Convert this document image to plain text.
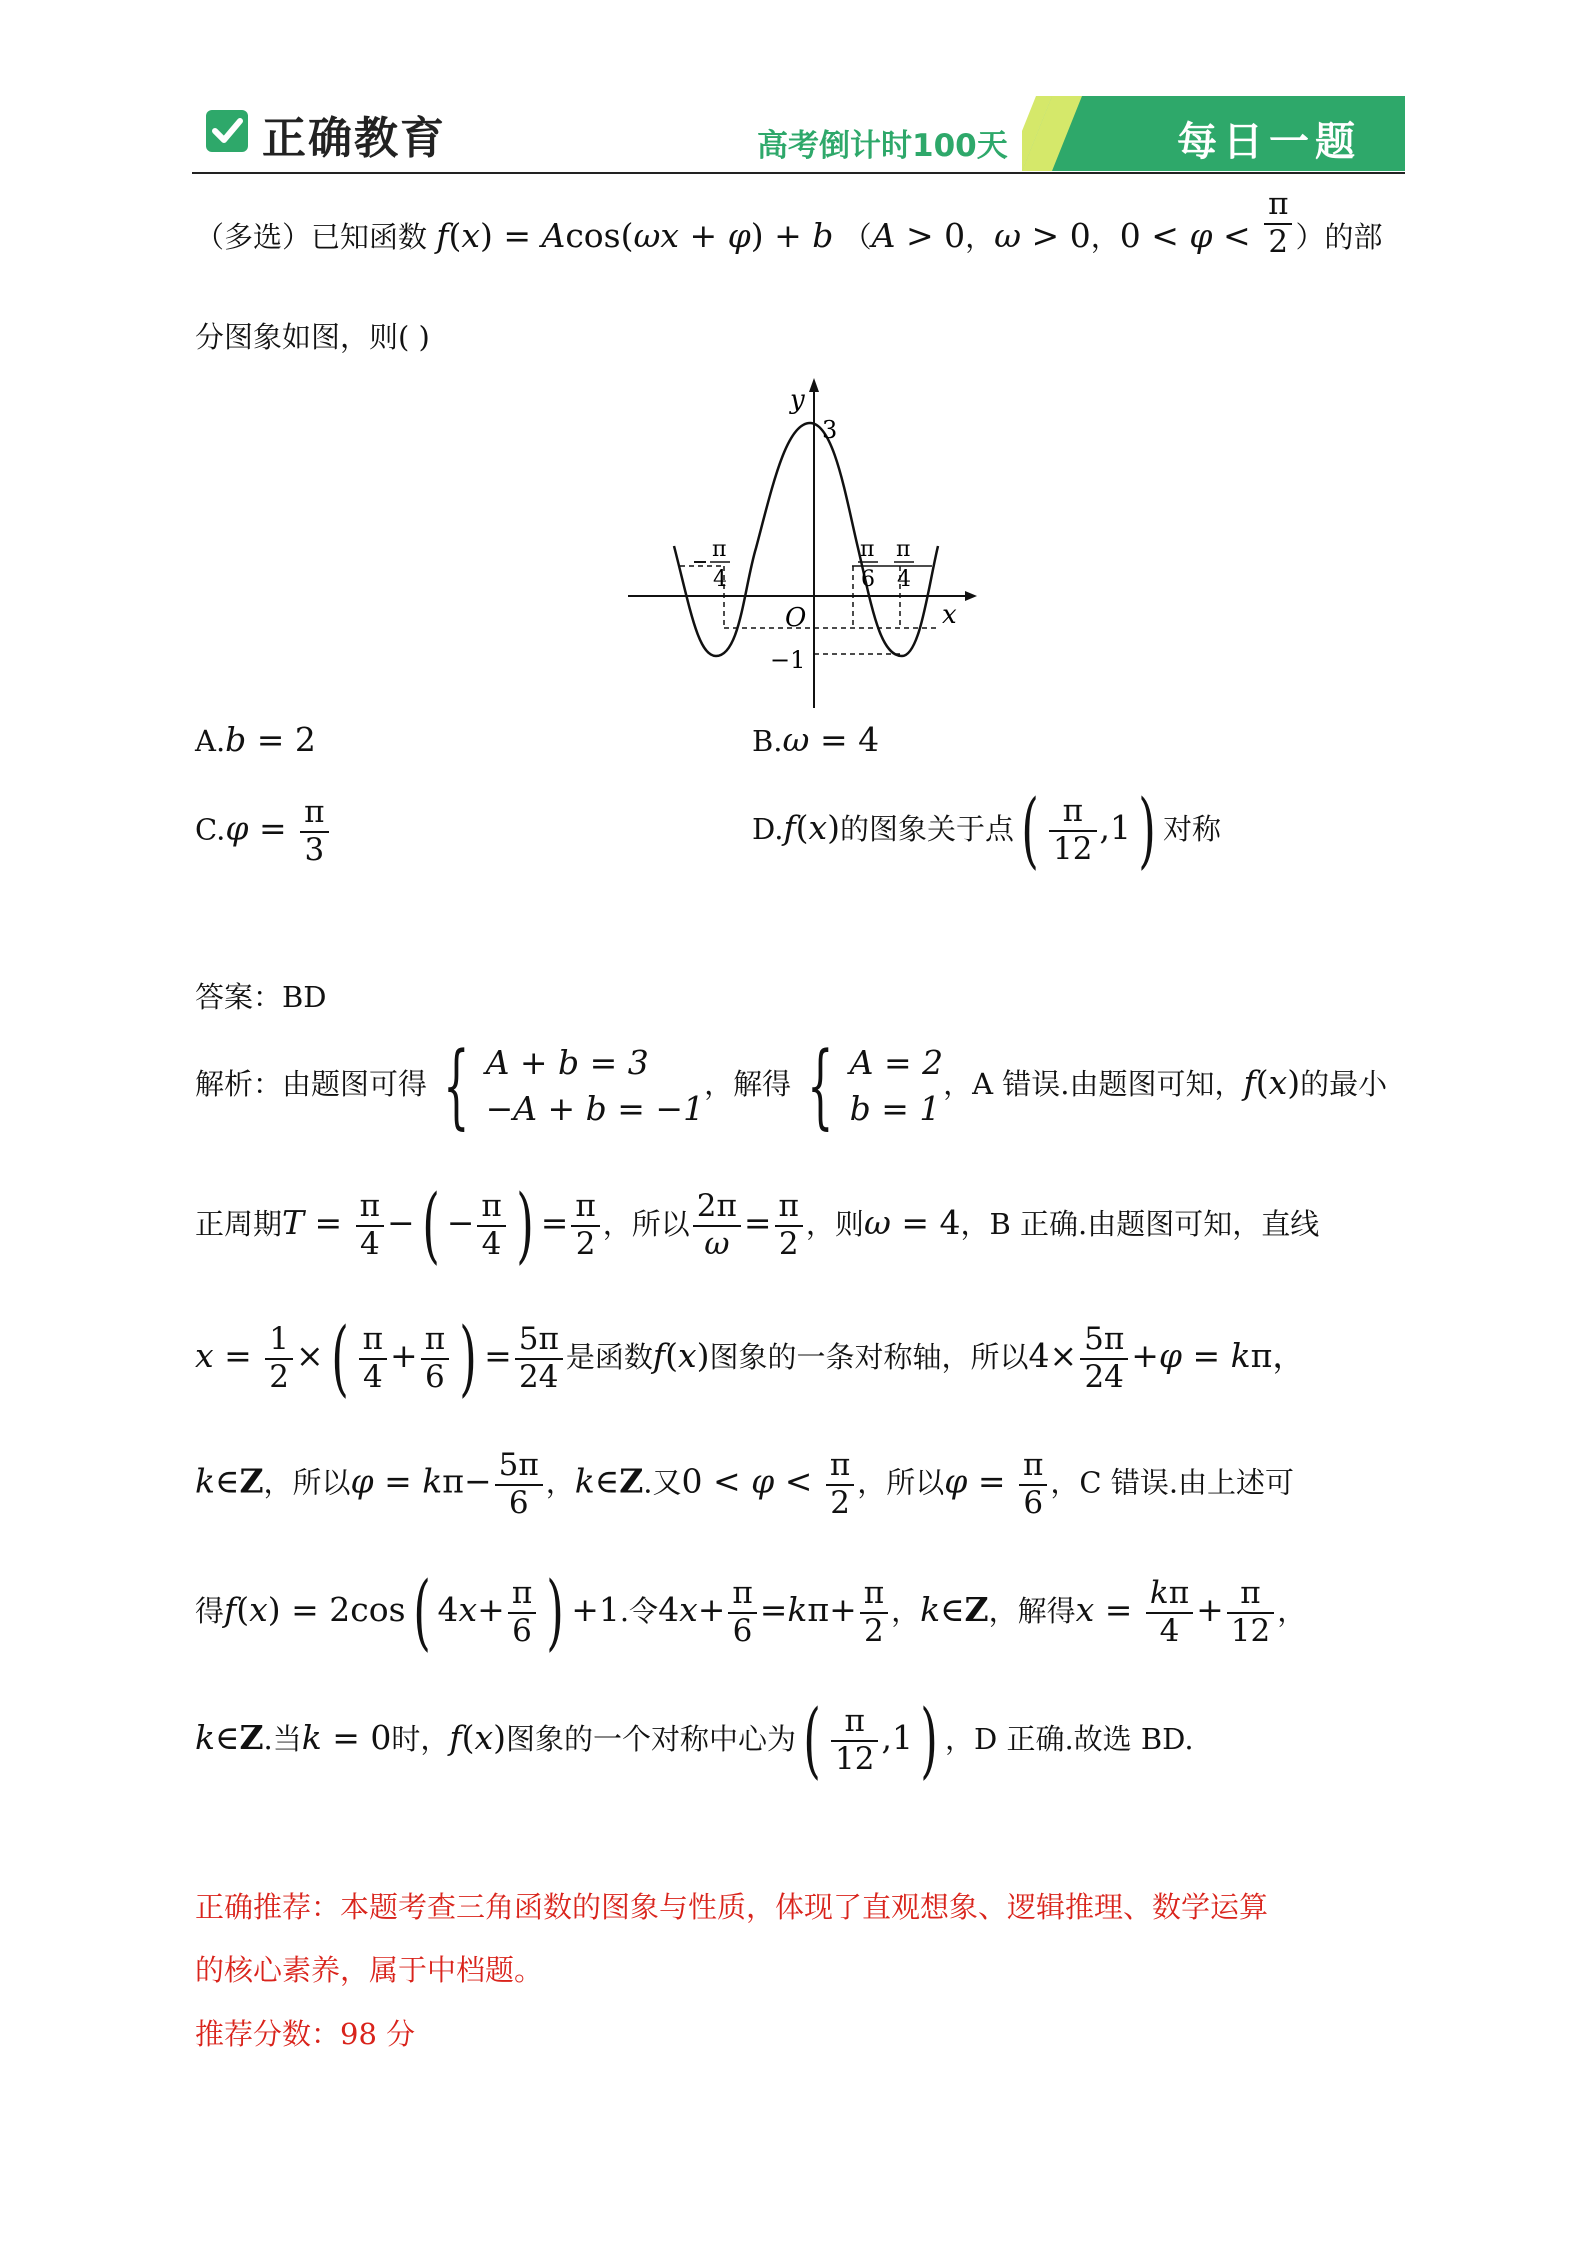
正确教育	高考倒计时100天	每日一题
（多选）已知函数 f(x) = Acos(ωx + φ) + b （A > 0，ω > 0，$0 < \varphi < \frac{\pi}{2}$ ）的部
分图象如图，则( )
y
3
x
O
−1
π
4
π
6
π
4
A.b = 2	B.ω = 4
$C.\varphi = \frac{\pi}{3}$	D.f(x)的图象关于点( $\frac{\pi}{12} ,1$) 对称
答案：BD
解析：由题图可得 { A + b = 3
−A + b = −1，解得 { A = 2
b = 1，A 错误.由题图可知，f(x)的最小
正周期$T = \frac{\pi}{4}$ −( − $\frac{\pi}{4}$ ) = $\frac{\pi}{2}$ ，所以 $\frac{2\pi}{\omega} = \frac{\pi}{2}$ ，则ω = 4，B 正确.由题图可知，直线
$x = \frac{1}{2}$ ×( $\frac{\pi}{4} + \frac{\pi}{6}$ ) = $\frac{5\pi}{24}$ 是函数f(x)图象的一条对称轴，所以$4\times \frac{5\pi}{24} +\varphi = k\pi$，
k∈Z，所以$\varphi = k\pi- \frac{5\pi}{6}$ ，k∈Z.又$0 < \varphi < \frac{\pi}{2}$ ，所以$\varphi = \frac{\pi}{6}$ ，C 错误.由上述可
得f(x) = 2cos( $4x+ \frac{\pi}{6}$ ) +1.令$4x+ \frac{\pi}{6} =k\pi+ \frac{\pi}{2}$ ，k∈Z，解得$x = \frac{k\pi}{4} + \frac{\pi}{12}$ ，
k∈Z.当k = 0时，f(x)图象的一个对称中心为( $\frac{\pi}{12} ,1$) ，D 正确.故选 BD.
正确推荐：本题考查三角函数的图象与性质，体现了直观想象、逻辑推理、数学运算
的核心素养，属于中档题。
推荐分数：98 分
